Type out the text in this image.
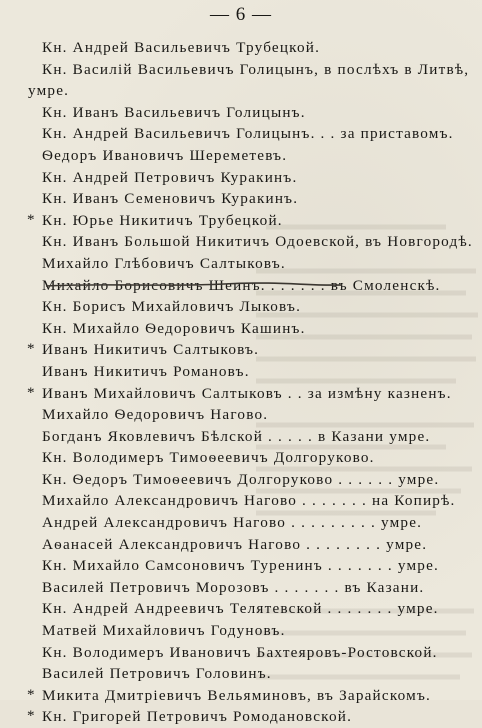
— 6 —
Кн. Андрей Васильевичъ Трубецкой.
Кн. Василій Васильевичъ Голицынъ, в послѣхъ в Литвѣ,
умре.
Кн. Иванъ Васильевичъ Голицынъ.
Кн. Андрей Васильевичъ Голицынъ. . . за приставомъ.
Ѳедоръ Ивановичъ Шереметевъ.
Кн. Андрей Петровичъ Куракинъ.
Кн. Иванъ Семеновичъ Куракинъ.
* Кн. Юрье Никитичъ Трубецкой.
Кн. Иванъ Большой Никитичъ Одоевской, въ Новгородѣ.
Михайло Глѣбовичъ Салтыковъ.
Михайло Борисовичъ Шеинъ. . . . . . . въ Смоленскѣ.
Кн. Борисъ Михайловичъ Лыковъ.
Кн. Михайло Ѳедоровичъ Кашинъ.
* Иванъ Никитичъ Салтыковъ.
Иванъ Никитичъ Романовъ.
* Иванъ Михайловичъ Салтыковъ . . за измѣну казненъ.
Михайло Ѳедоровичъ Нагово.
Богданъ Яковлевичъ Бѣлской . . . . . в Казани умре.
Кн. Володимеръ Тимоѳеевичъ Долгоруково.
Кн. Ѳедоръ Тимоѳеевичъ Долгоруково . . . . . . умре.
Михайло Александровичъ Нагово . . . . . . . на Копирѣ.
Андрей Александровичъ Нагово . . . . . . . . . умре.
Аѳанасей Александровичъ Нагово . . . . . . . . умре.
Кн. Михайло Самсоновичъ Туренинъ . . . . . . . умре.
Василей Петровичъ Морозовъ . . . . . . . въ Казани.
Кн. Андрей Андреевичъ Телятевской . . . . . . . умре.
Матвей Михайловичъ Годуновъ.
Кн. Володимеръ Ивановичъ Бахтеяровъ-Ростовской.
Василей Петровичъ Головинъ.
* Микита Дмитріевичъ Вельяминовъ, въ Зарайскомъ.
* Кн. Григорей Петровичъ Ромодановской.
